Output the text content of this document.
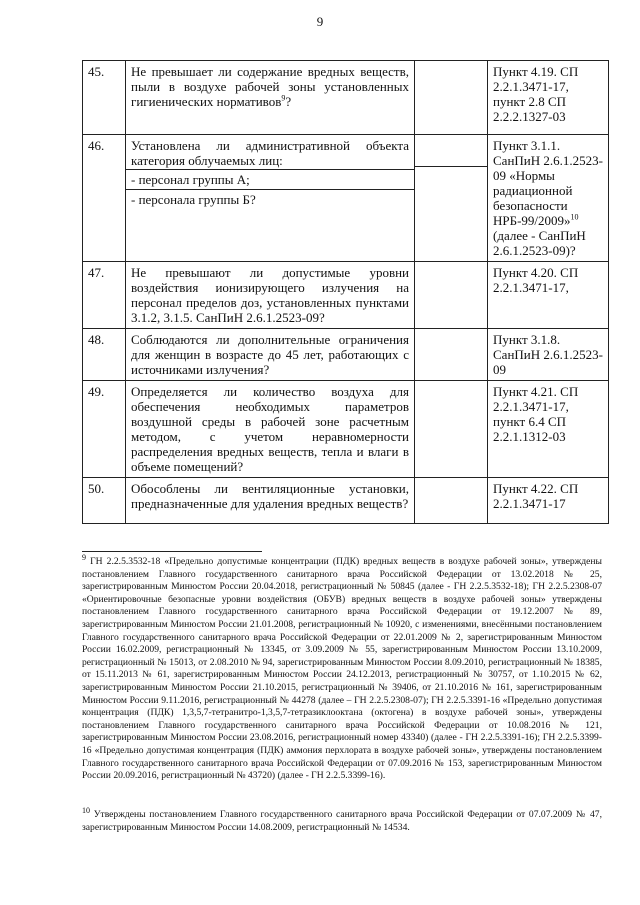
9
45.	Не превышает ли содержание вредных веществ, пыли в воздухе рабочей зоны установленных гигиенических нормативов$^9$?		Пункт 4.19. СП 2.2.1.3471-17, пункт 2.8 СП 2.2.2.1327-03
46.	Установлена ли административной объекта категория облучаемых лиц:
- персонал группы А;
- персонала группы Б?		Пункт 3.1.1. СанПиН 2.6.1.2523-09 «Нормы радиационной безопасности НРБ-99/2009»$^{10}$ (далее - СанПиН 2.6.1.2523-09)?
47.	Не превышают ли допустимые уровни воздействия ионизирующего излучения на персонал пределов доз, установленных пунктами 3.1.2, 3.1.5. СанПиН 2.6.1.2523-09?		Пункт 4.20. СП 2.2.1.3471-17,
48.	Соблюдаются ли дополнительные ограничения для женщин в возрасте до 45 лет, работающих с источниками излучения?		Пункт 3.1.8. СанПиН 2.6.1.2523-09
49.	Определяется ли количество воздуха для обеспечения необходимых параметров воздушной среды в рабочей зоне расчетным методом, с учетом неравномерности распределения вредных веществ, тепла и влаги в объеме помещений?		Пункт 4.21. СП 2.2.1.3471-17, пункт 6.4 СП 2.2.1.1312-03
50.	Обособлены ли вентиляционные установки, предназначенные для удаления вредных веществ?		Пункт 4.22. СП 2.2.1.3471-17
$^9$ ГН 2.2.5.3532-18 «Предельно допустимые концентрации (ПДК) вредных веществ в воздухе рабочей зоны», утверждены постановлением Главного государственного санитарного врача Российской Федерации от 13.02.2018 № 25, зарегистрированным Минюстом России 20.04.2018, регистрационный № 50845 (далее - ГН 2.2.5.3532-18); ГН 2.2.5.2308-07 «Ориентировочные безопасные уровни воздействия (ОБУВ) вредных веществ в воздухе рабочей зоны» утверждены постановлением Главного государственного санитарного врача Российской Федерации от 19.12.2007 № 89, зарегистрированным Минюстом России 21.01.2008, регистрационный № 10920, с изменениями, внесёнными постановлением Главного государственного санитарного врача Российской Федерации от 22.01.2009 № 2, зарегистрированным Минюстом России 16.02.2009, регистрационный № 13345, от 3.09.2009 № 55, зарегистрированным Минюстом России 13.10.2009, регистрационный № 15013, от 2.08.2010 № 94, зарегистрированным Минюстом России 8.09.2010, регистрационный № 18385, от 15.11.2013 № 61, зарегистрированным Минюстом России 24.12.2013, регистрационный № 30757, от 1.10.2015 № 62, зарегистрированным Минюстом России 21.10.2015, регистрационный № 39406, от 21.10.2016 № 161, зарегистрированным Минюстом России 9.11.2016, регистрационный № 44278 (далее – ГН 2.2.5.2308-07); ГН 2.2.5.3391-16 «Предельно допустимая концентрация (ПДК) 1,3,5,7-тетранитро-1,3,5,7-тетразиклооктана (октогена) в воздухе рабочей зоны», утверждены постановлением Главного государственного санитарного врача Российской Федерации от 10.08.2016 № 121, зарегистрированным Минюстом России 23.08.2016, регистрационный номер 43340) (далее - ГН 2.2.5.3391-16); ГН 2.2.5.3399-16 «Предельно допустимая концентрация (ПДК) аммония перхлората в воздухе рабочей зоны», утверждены постановлением Главного государственного санитарного врача Российской Федерации от 07.09.2016 № 153, зарегистрированным Минюстом России 20.09.2016, регистрационный № 43720) (далее - ГН 2.2.5.3399-16).
$^{10}$ Утверждены постановлением Главного государственного санитарного врача Российской Федерации от 07.07.2009 № 47, зарегистрированным Минюстом России 14.08.2009, регистрационный № 14534.
